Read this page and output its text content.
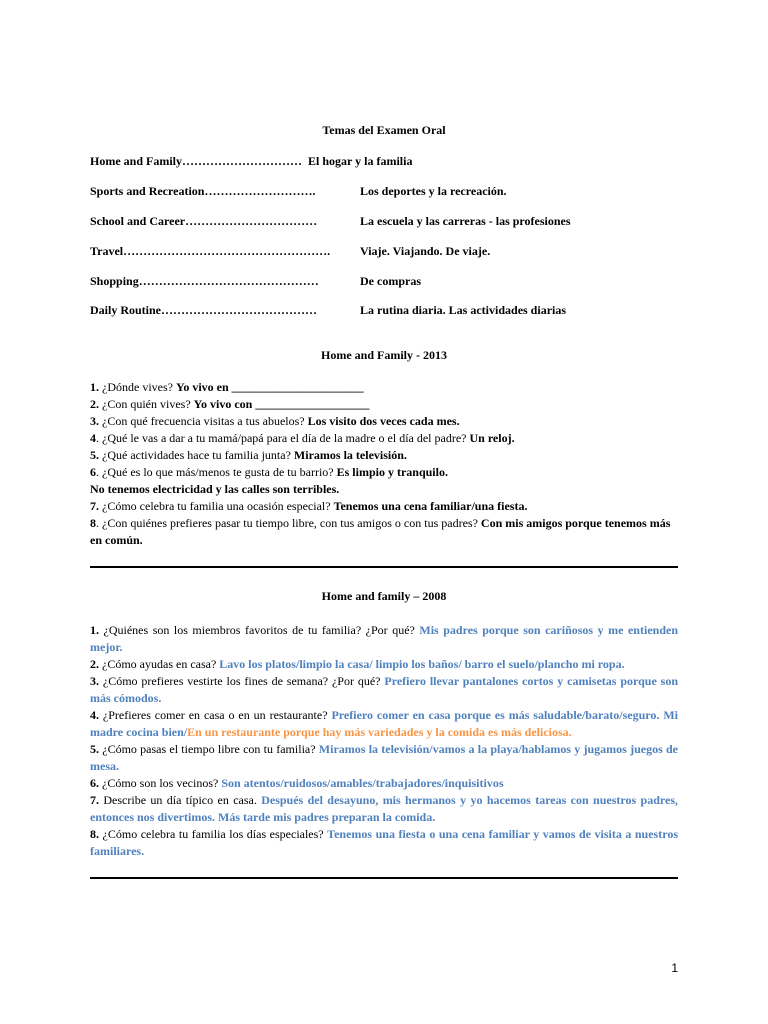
Temas del Examen Oral
Home and Family………………………… El hogar y la familia
Sports and Recreation……………………….	Los deportes y la recreación.
School and Career……………………………	La escuela y las carreras - las profesiones
Travel……………………………………………. Viaje. Viajando. De viaje.
Shopping………………………………………	De compras
Daily Routine…………………………………	La rutina diaria. Las actividades diarias
Home and Family - 2013

1. ¿Dónde vives? Yo vivo en ______________________

2. ¿Con quién vives? Yo vivo con ___________________

3. ¿Con qué frecuencia visitas a tus abuelos? Los visito dos veces cada mes.

4. ¿Qué le vas a dar a tu mamá/papá para el día de la madre o el día del padre? Un reloj.

5. ¿Qué actividades hace tu familia junta? Miramos la televisión.

6. ¿Qué es lo que más/menos te gusta de tu barrio? Es limpio y tranquilo.

No tenemos electricidad y las calles son terribles.

7. ¿Cómo celebra tu familia una ocasión especial? Tenemos una cena familiar/una fiesta.

8. ¿Con quiénes prefieres pasar tu tiempo libre, con tus amigos o con tus padres? Con mis amigos porque tenemos más en común.

Home and family – 2008

1. ¿Quiénes son los miembros favoritos de tu familia? ¿Por qué? Mis padres porque son cariñosos y me entienden mejor.

2. ¿Cómo ayudas en casa? Lavo los platos/limpio la casa/ limpio los baños/ barro el suelo/plancho mi ropa.

3. ¿Cómo prefieres vestirte los fines de semana? ¿Por qué? Prefiero llevar pantalones cortos y camisetas porque son más cómodos.

4. ¿Prefieres comer en casa o en un restaurante? Prefiero comer en casa porque es más saludable/barato/seguro. Mi madre cocina bien/En un restaurante porque hay más variedades y la comida es más deliciosa.

5. ¿Cómo pasas el tiempo libre con tu familia? Miramos la televisión/vamos a la playa/hablamos y jugamos juegos de mesa.

6. ¿Cómo son los vecinos? Son atentos/ruidosos/amables/trabajadores/inquisitivos

7. Describe un día típico en casa. Después del desayuno, mis hermanos y yo hacemos tareas con nuestros padres, entonces nos divertimos. Más tarde mis padres preparan la comida.

8. ¿Cómo celebra tu familia los días especiales? Tenemos una fiesta o una cena familiar y vamos de visita a nuestros familiares.

1
